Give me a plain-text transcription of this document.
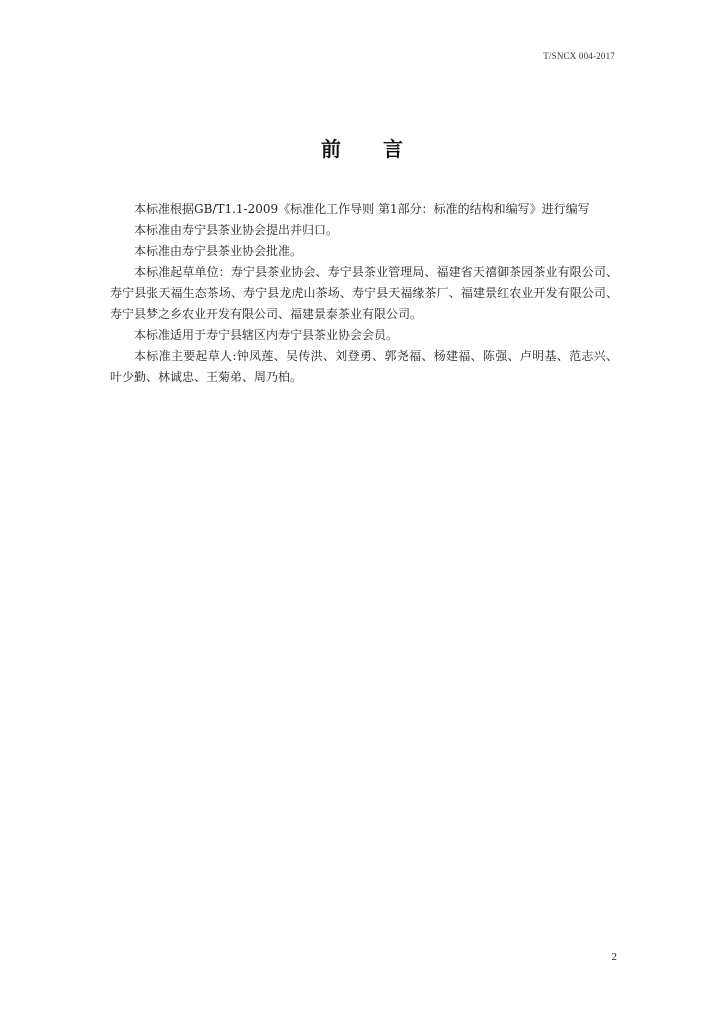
T/SNCX 004-2017
前言

本标准根据GB/T1.1-2009《标准化工作导则 第1部分：标准的结构和编写》进行编写

本标准由寿宁县茶业协会提出并归口。

本标准由寿宁县茶业协会批准。

本标准起草单位：寿宁县茶业协会、寿宁县茶业管理局、福建省天禧御茶园茶业有限公司、寿宁县张天福生态茶场、寿宁县龙虎山茶场、寿宁县天福缘茶厂、福建景红农业开发有限公司、寿宁县梦之乡农业开发有限公司、福建景泰茶业有限公司。

本标准适用于寿宁县辖区内寿宁县茶业协会会员。

本标准主要起草人:钟凤莲、吴传洪、刘登勇、郭尧福、杨建福、陈强、卢明基、范志兴、叶少勤、林诚忠、王菊弟、周乃柏。

2
